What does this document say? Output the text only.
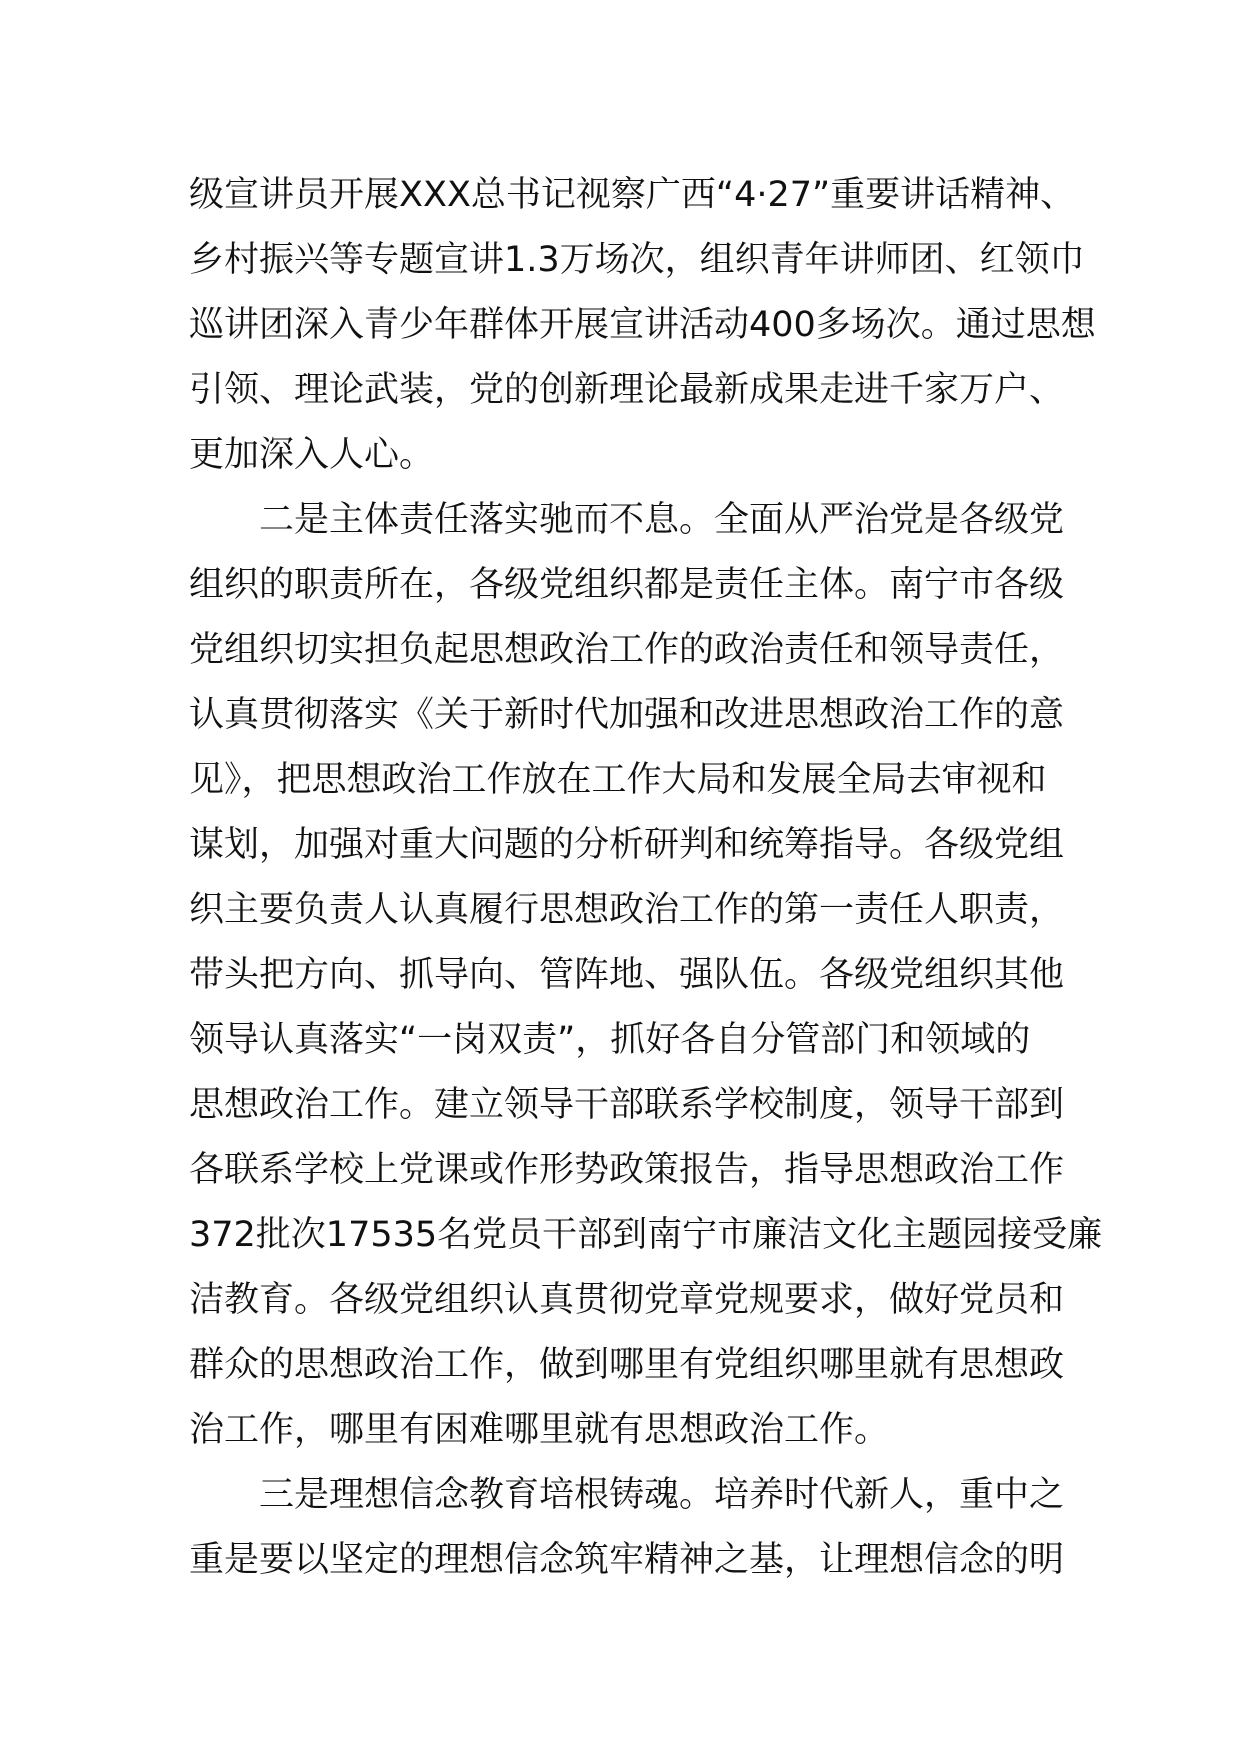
级宣讲员开展XXX总书记视察广西“4·27”重要讲话精神、
乡村振兴等专题宣讲1.3万场次，组织青年讲师团、红领巾
巡讲团深入青少年群体开展宣讲活动400多场次。通过思想
引领、理论武装，党的创新理论最新成果走进千家万户、
更加深入人心。
二是主体责任落实驰而不息。全面从严治党是各级党
组织的职责所在，各级党组织都是责任主体。南宁市各级
党组织切实担负起思想政治工作的政治责任和领导责任，
认真贯彻落实《关于新时代加强和改进思想政治工作的意
见》，把思想政治工作放在工作大局和发展全局去审视和
谋划，加强对重大问题的分析研判和统筹指导。各级党组
织主要负责人认真履行思想政治工作的第一责任人职责，
带头把方向、抓导向、管阵地、强队伍。各级党组织其他
领导认真落实“一岗双责”，抓好各自分管部门和领域的
思想政治工作。建立领导干部联系学校制度，领导干部到
各联系学校上党课或作形势政策报告，指导思想政治工作
372批次17535名党员干部到南宁市廉洁文化主题园接受廉
洁教育。各级党组织认真贯彻党章党规要求，做好党员和
群众的思想政治工作，做到哪里有党组织哪里就有思想政
治工作，哪里有困难哪里就有思想政治工作。
三是理想信念教育培根铸魂。培养时代新人，重中之
重是要以坚定的理想信念筑牢精神之基，让理想信念的明
